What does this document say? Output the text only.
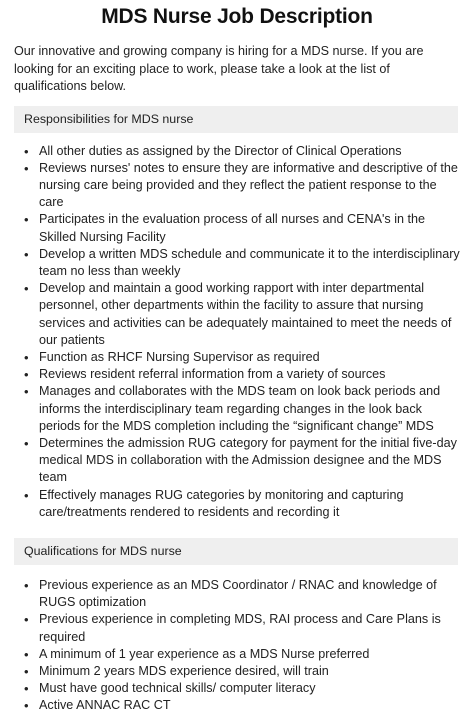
MDS Nurse Job Description

Our innovative and growing company is hiring for a MDS nurse. If you are looking for an exciting place to work, please take a look at the list of qualifications below.

Responsibilities for MDS nurse
• All other duties as assigned by the Director of Clinical Operations
• Reviews nurses' notes to ensure they are informative and descriptive of the nursing care being provided and they reflect the patient response to the care
• Participates in the evaluation process of all nurses and CENA's in the Skilled Nursing Facility
• Develop a written MDS schedule and communicate it to the interdisciplinary team no less than weekly
• Develop and maintain a good working rapport with inter departmental personnel, other departments within the facility to assure that nursing services and activities can be adequately maintained to meet the needs of our patients
• Function as RHCF Nursing Supervisor as required
• Reviews resident referral information from a variety of sources
• Manages and collaborates with the MDS team on look back periods and informs the interdisciplinary team regarding changes in the look back periods for the MDS completion including the “significant change” MDS
• Determines the admission RUG category for payment for the initial five-day medical MDS in collaboration with the Admission designee and the MDS team
• Effectively manages RUG categories by monitoring and capturing care/treatments rendered to residents and recording it
Qualifications for MDS nurse
• Previous experience as an MDS Coordinator / RNAC and knowledge of RUGS optimization
• Previous experience in completing MDS, RAI process and Care Plans is required
• A minimum of 1 year experience as a MDS Nurse preferred
• Minimum 2 years MDS experience desired, will train
• Must have good technical skills/ computer literacy
• Active ANNAC RAC CT
